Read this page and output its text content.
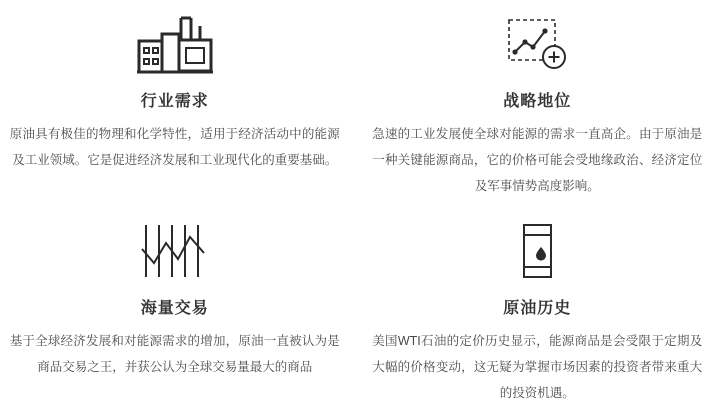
行业需求
原油具有极佳的物理和化学特性，适用于经济活动中的能源及工业领域。它是促进经济发展和工业现代化的重要基础。
战略地位
急速的工业发展使全球对能源的需求一直高企。由于原油是一种关键能源商品，它的价格可能会受地缘政治、经济定位及军事情势高度影响。
海量交易
基于全球经济发展和对能源需求的增加，原油一直被认为是商品交易之王，并获公认为全球交易量最大的商品
原油历史
美国WTI石油的定价历史显示，能源商品是会受限于定期及大幅的价格变动，这无疑为掌握市场因素的投资者带来重大的投资机遇。
